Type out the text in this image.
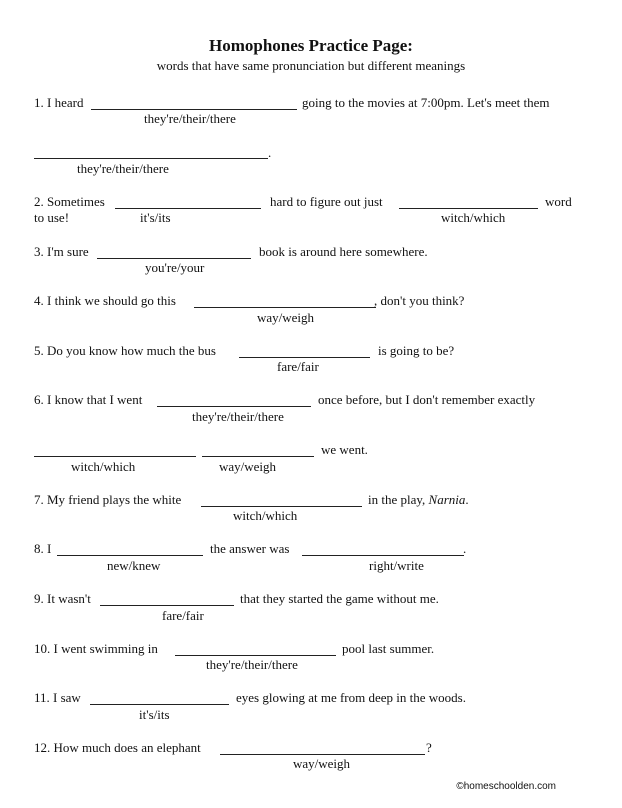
Homophones Practice Page:

words that have same pronunciation but different meanings

1. I heard	going to the movies at 7:00pm. Let's meet them
they're/their/there
.
they're/their/there
2. Sometimes	hard to figure out just	word
to use!	it's/its	witch/which
3. I'm sure	book is around here somewhere.
you're/your
4. I think we should go this	, don't you think?
way/weigh
5. Do you know how much the bus	is going to be?
fare/fair
6. I know that I went	once before, but I don't remember exactly
they're/their/there
we went.
witch/which	way/weigh
7. My friend plays the white	in the play, Narnia.
witch/which
8. I	the answer was	.
new/knew	right/write
9. It wasn't	that they started the game without me.
fare/fair
10. I went swimming in	pool last summer.
they're/their/there
11. I saw	eyes glowing at me from deep in the woods.
it's/its
12. How much does an elephant	?
way/weigh
©homeschoolden.com
